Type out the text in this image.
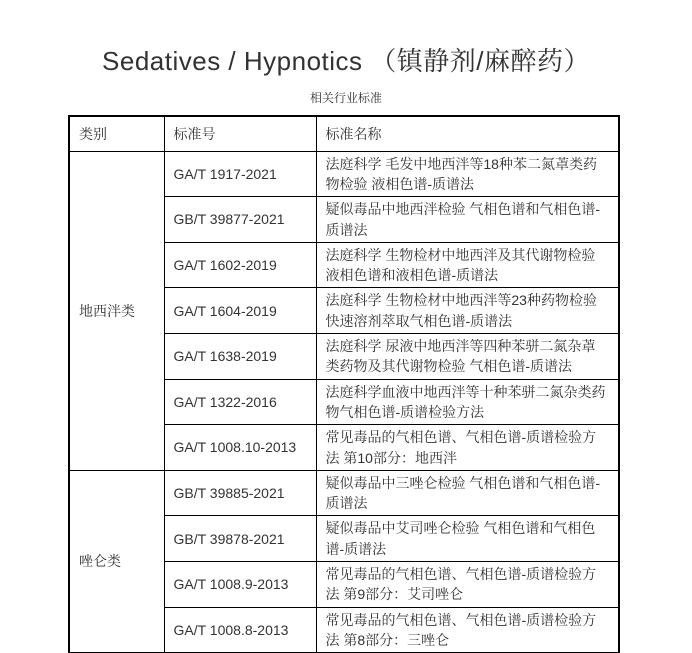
Sedatives / Hypnotics （镇静剂/麻醉药）
相关行业标准
类别	标准号	标准名称
地西泮类	GA/T 1917-2021	法庭科学 毛发中地西泮等18种苯二氮䓬类药物检验 液相色谱-质谱法
	GB/T 39877-2021	疑似毒品中地西泮检验 气相色谱和气相色谱-质谱法
	GA/T 1602-2019	法庭科学 生物检材中地西泮及其代谢物检验 液相色谱和液相色谱-质谱法
	GA/T 1604-2019	法庭科学 生物检材中地西泮等23种药物检验 快速溶剂萃取气相色谱-质谱法
	GA/T 1638-2019	法庭科学 尿液中地西泮等四种苯骈二氮杂䓬类药物及其代谢物检验 气相色谱-质谱法
	GA/T 1322-2016	法庭科学血液中地西泮等十种苯骈二氮杂类药物气相色谱-质谱检验方法
	GA/T 1008.10-2013	常见毒品的气相色谱、气相色谱-质谱检验方法 第10部分：地西泮
唑仑类	GB/T 39885-2021	疑似毒品中三唑仑检验 气相色谱和气相色谱-质谱法
	GB/T 39878-2021	疑似毒品中艾司唑仑检验 气相色谱和气相色谱-质谱法
	GA/T 1008.9-2013	常见毒品的气相色谱、气相色谱-质谱检验方法 第9部分：艾司唑仑
	GA/T 1008.8-2013	常见毒品的气相色谱、气相色谱-质谱检验方法 第8部分：三唑仑
